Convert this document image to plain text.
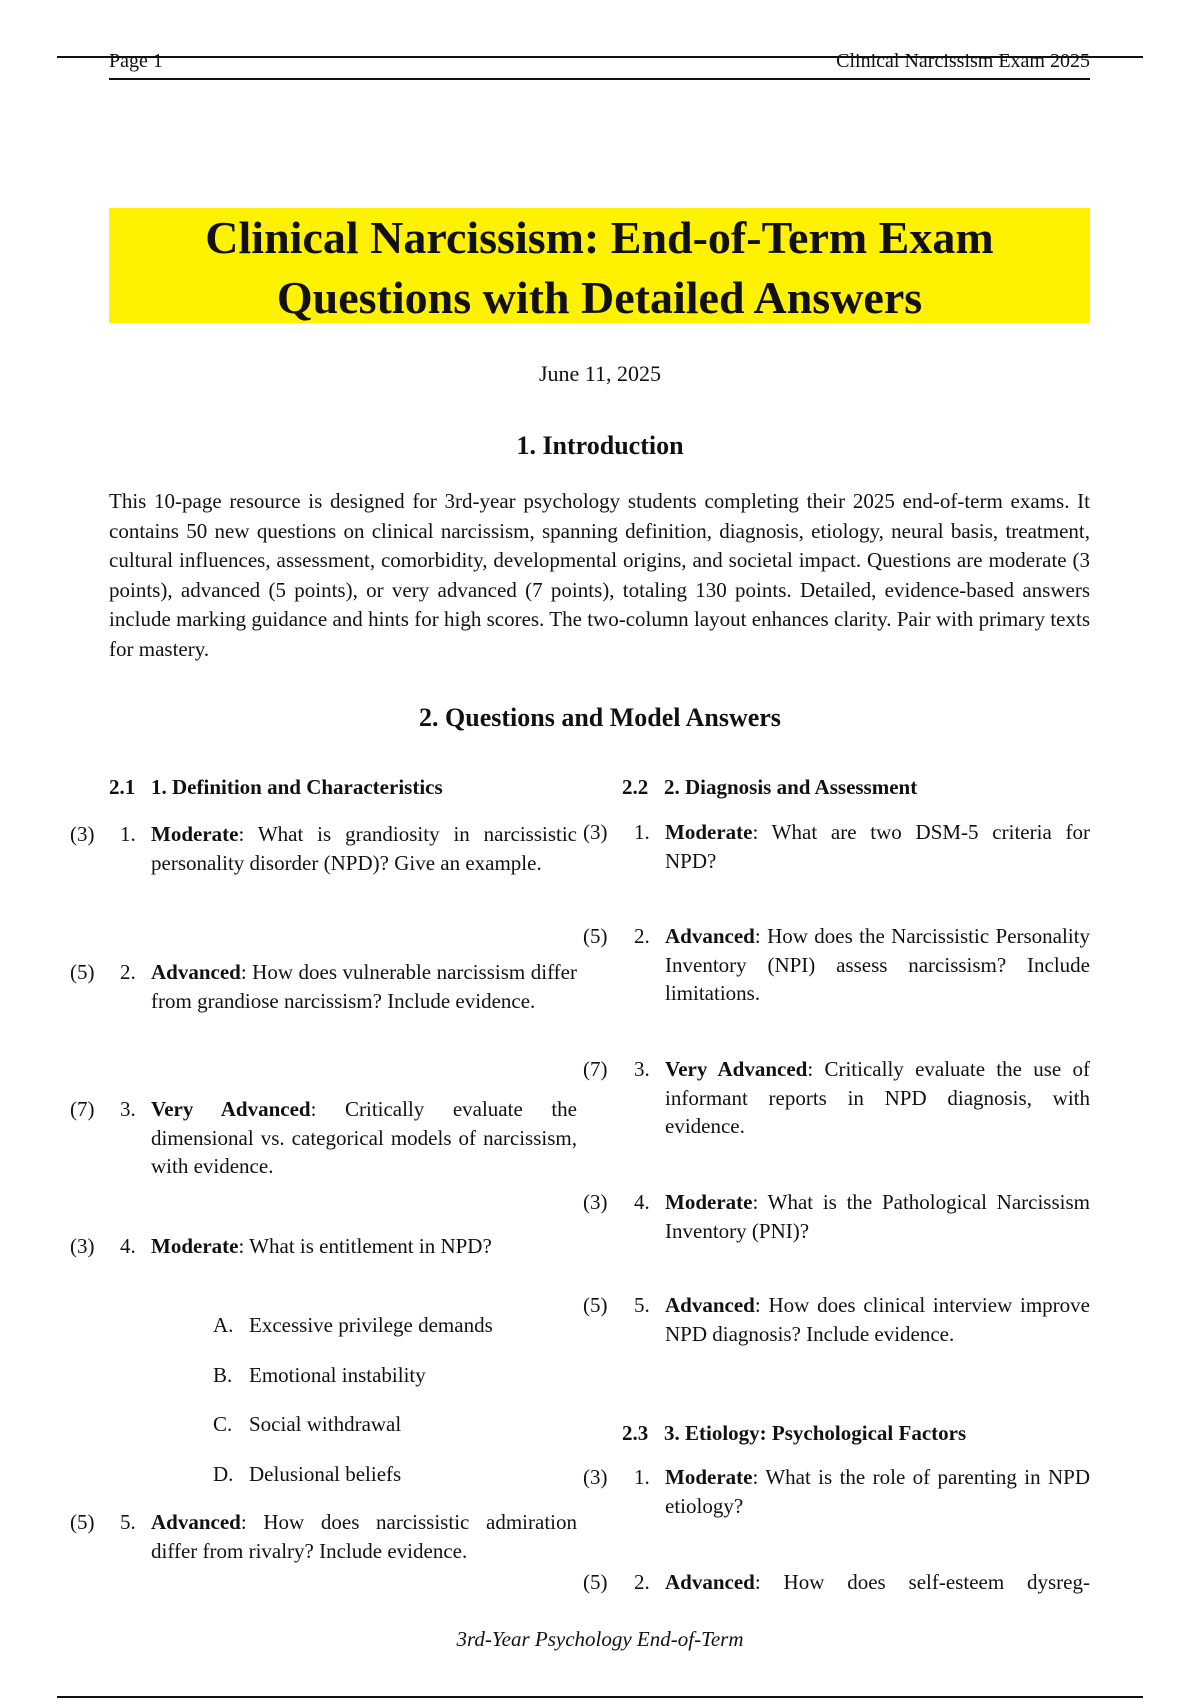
Page 1	Clinical Narcissism Exam 2025
Clinical Narcissism: End-of-Term Exam
Questions with Detailed Answers
June 11, 2025
1. Introduction

This 10-page resource is designed for 3rd-year psychology students completing their 2025 end-of-term exams. It contains 50 new questions on clinical narcissism, spanning definition, diagnosis, etiology, neural basis, treatment, cultural influences, assessment, comorbidity, developmental origins, and societal impact. Questions are moderate (3 points), advanced (5 points), or very advanced (7 points), totaling 130 points. Detailed, evidence-based answers include marking guidance and hints for high scores. The two-column layout enhances clarity. Pair with primary texts for mastery.

2. Questions and Model Answers
2.1 1. Definition and Characteristics
(3) 1. Moderate: What is grandiosity in narcissistic personality disorder (NPD)? Give an example.
(5) 2. Advanced: How does vulnerable narcissism differ from grandiose narcissism? Include evidence.
(7) 3. Very Advanced: Critically evaluate the dimensional vs. categorical models of narcissism, with evidence.
(3) 4. Moderate: What is entitlement in NPD?
A. Excessive privilege demands
B. Emotional instability
C. Social withdrawal
D. Delusional beliefs
(5) 5. Advanced: How does narcissistic admiration differ from rivalry? Include evidence.
2.2 2. Diagnosis and Assessment
(3) 1. Moderate: What are two DSM-5 criteria for NPD?
(5) 2. Advanced: How does the Narcissistic Personality Inventory (NPI) assess narcissism? Include limitations.
(7) 3. Very Advanced: Critically evaluate the use of informant reports in NPD diagnosis, with evidence.
(3) 4. Moderate: What is the Pathological Narcissism Inventory (PNI)?
(5) 5. Advanced: How does clinical interview improve NPD diagnosis? Include evidence.
2.3 3. Etiology: Psychological Factors
(3) 1. Moderate: What is the role of parenting in NPD etiology?
(5) 2. Advanced: How does self-esteem dysreg-
3rd-Year Psychology End-of-Term
